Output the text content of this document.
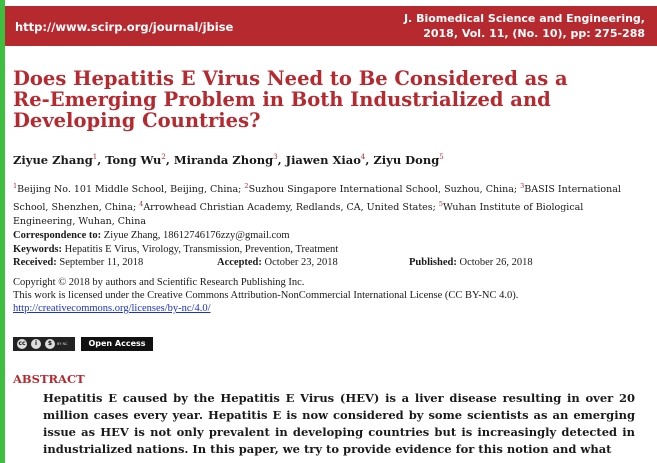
http://www.scirp.org/journal/jbise
J. Biomedical Science and Engineering,
2018, Vol. 11, (No. 10), pp: 275-288
Does Hepatitis E Virus Need to Be Considered as a
Re-Emerging Problem in Both Industrialized and
Developing Countries?
Ziyue Zhang$^1$, Tong Wu$^2$, Miranda Zhong$^3$, Jiawen Xiao$^4$, Ziyu Dong$^5$
$^1$Beijing No. 101 Middle School, Beijing, China; $^2$Suzhou Singapore International School, Suzhou, China; $^3$BASIS International School, Shenzhen, China; $^4$Arrowhead Christian Academy, Redlands, CA, United States; $^5$Wuhan Institute of Biological Engineering, Wuhan, China
Correspondence to: Ziyue Zhang, 18612746176zzy@gmail.com
Keywords: Hepatitis E Virus, Virology, Transmission, Prevention, Treatment
Received: September 11, 2018	Accepted: October 23, 2018	Published: October 26, 2018
Copyright © 2018 by authors and Scientific Research Publishing Inc.
This work is licensed under the Creative Commons Attribution-NonCommercial International License (CC BY-NC 4.0).
http://creativecommons.org/licenses/by-nc/4.0/
cc	i	$	BY NC	Open Access
ABSTRACT
Hepatitis E caused by the Hepatitis E Virus (HEV) is a liver disease resulting in over 20 million cases every year. Hepatitis E is now considered by some scientists as an emerging issue as HEV is not only prevalent in developing countries but is increasingly detected in industrialized nations. In this paper, we try to provide evidence for this notion and what
